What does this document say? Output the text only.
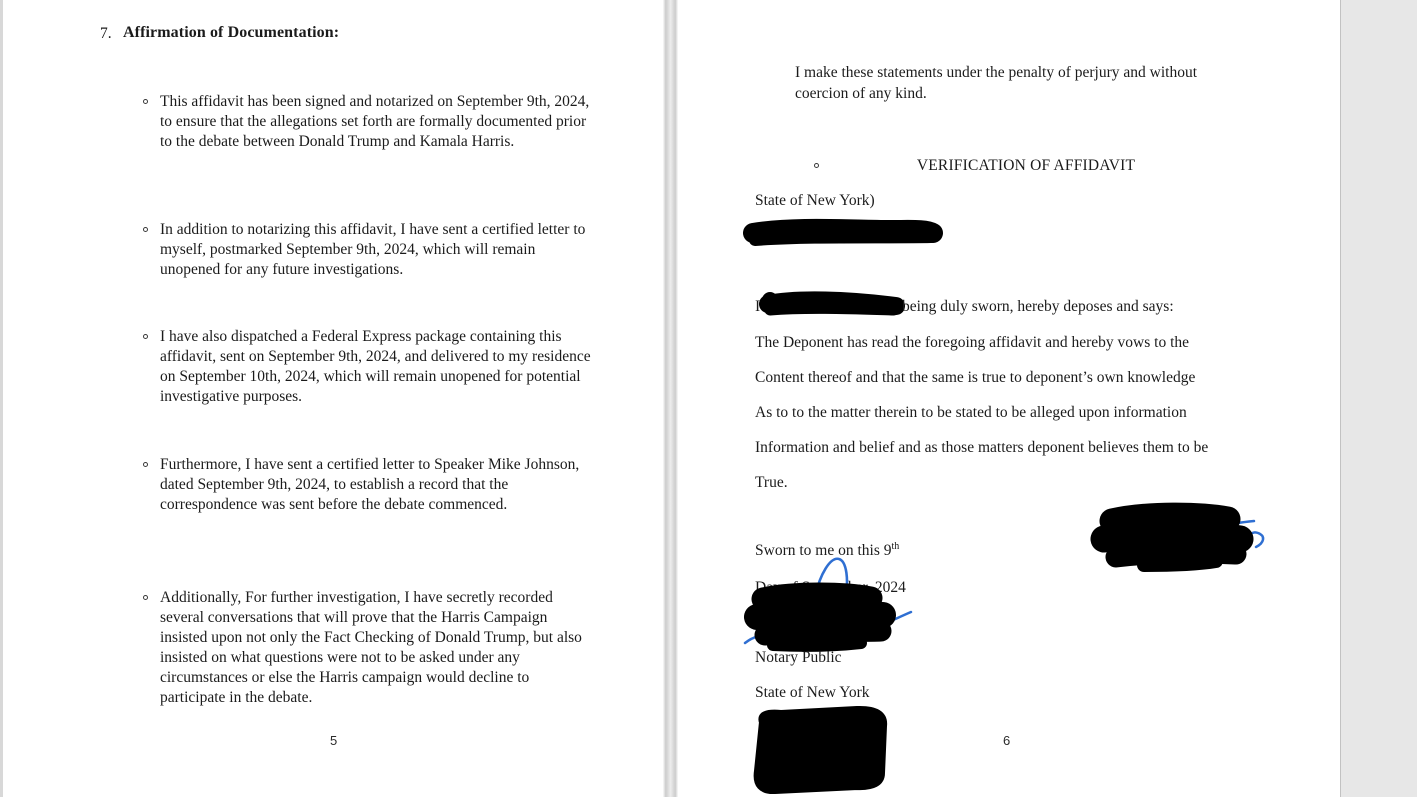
7. Affirmation of Documentation:
This affidavit has been signed and notarized on September 9th, 2024, to ensure that the allegations set forth are formally documented prior to the debate between Donald Trump and Kamala Harris.
In addition to notarizing this affidavit, I have sent a certified letter to myself, postmarked September 9th, 2024, which will remain unopened for any future investigations.
I have also dispatched a Federal Express package containing this affidavit, sent on September 9th, 2024, and delivered to my residence on September 10th, 2024, which will remain unopened for potential investigative purposes.
Furthermore, I have sent a certified letter to Speaker Mike Johnson, dated September 9th, 2024, to establish a record that the correspondence was sent before the debate commenced.
Additionally, For further investigation, I have secretly recorded several conversations that will prove that the Harris Campaign insisted upon not only the Fact Checking of Donald Trump, but also insisted on what questions were not to be asked under any circumstances or else the Harris campaign would decline to participate in the debate.
5
I make these statements under the penalty of perjury and without
coercion of any kind.
VERIFICATION OF AFFIDAVIT
State of New York)
I	being duly sworn, hereby deposes and says:
The Deponent has read the foregoing affidavit and hereby vows to the
Content thereof and that the same is true to deponent’s own knowledge
As to to the matter therein to be stated to be alleged upon information
Information and belief and as those matters deponent believes them to be
True.
Sworn to me on this 9th
Day of September, 2024
Notary Public
State of New York
6
